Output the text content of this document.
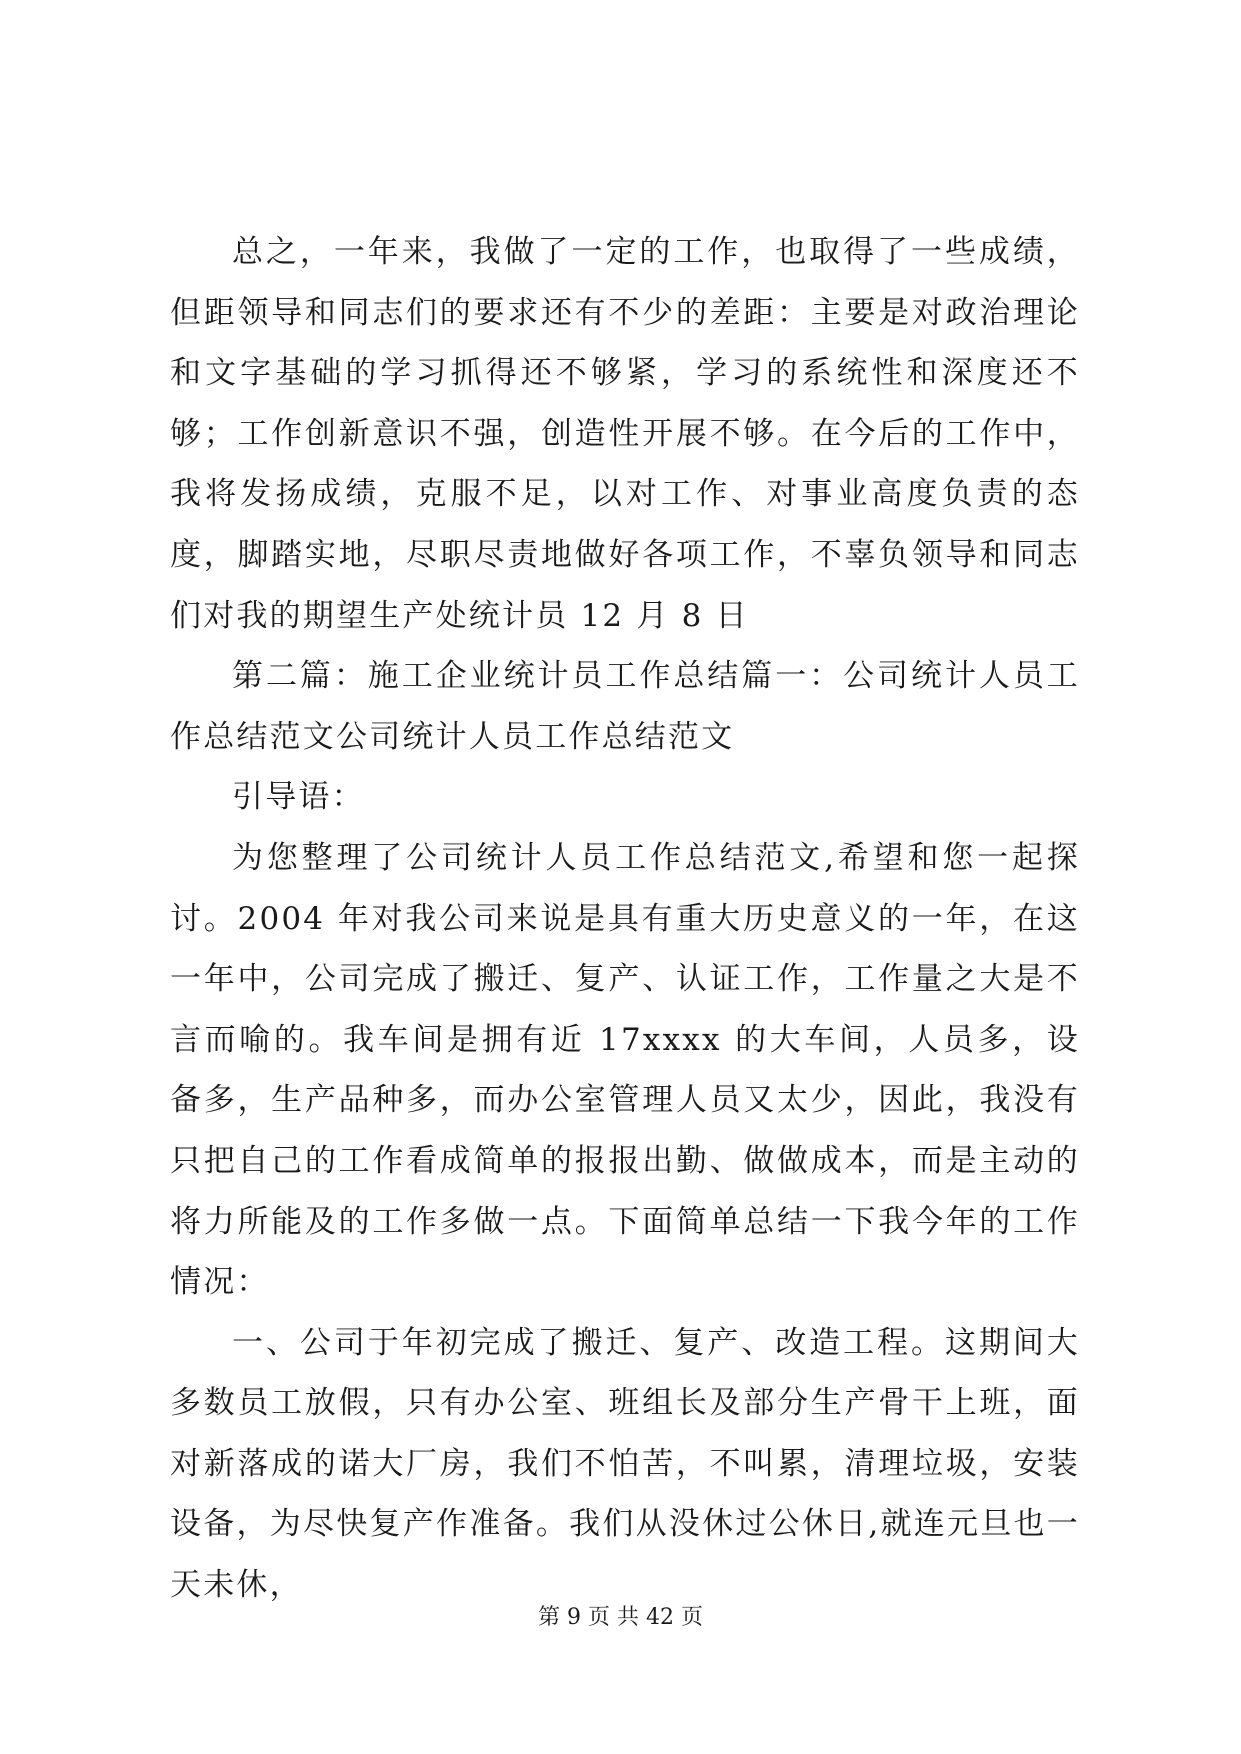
总之，一年来，我做了一定的工作，也取得了一些成绩，但距领导和同志们的要求还有不少的差距：主要是对政治理论和文字基础的学习抓得还不够紧，学习的系统性和深度还不够；工作创新意识不强，创造性开展不够。在今后的工作中，我将发扬成绩，克服不足，以对工作、对事业高度负责的态度，脚踏实地，尽职尽责地做好各项工作，不辜负领导和同志们对我的期望生产处统计员 12 月 8 日

第二篇：施工企业统计员工作总结篇一：公司统计人员工作总结范文公司统计人员工作总结范文

引导语：

为您整理了公司统计人员工作总结范文,希望和您一起探讨。2004 年对我公司来说是具有重大历史意义的一年，在这一年中，公司完成了搬迁、复产、认证工作，工作量之大是不言而喻的。我车间是拥有近 17xxxx 的大车间，人员多，设备多，生产品种多，而办公室管理人员又太少，因此，我没有只把自己的工作看成简单的报报出勤、做做成本，而是主动的将力所能及的工作多做一点。下面简单总结一下我今年的工作情况：

一、公司于年初完成了搬迁、复产、改造工程。这期间大多数员工放假，只有办公室、班组长及部分生产骨干上班，面对新落成的诺大厂房，我们不怕苦，不叫累，清理垃圾，安装设备，为尽快复产作准备。我们从没休过公休日,就连元旦也一天未休，

第 9 页 共 42 页
